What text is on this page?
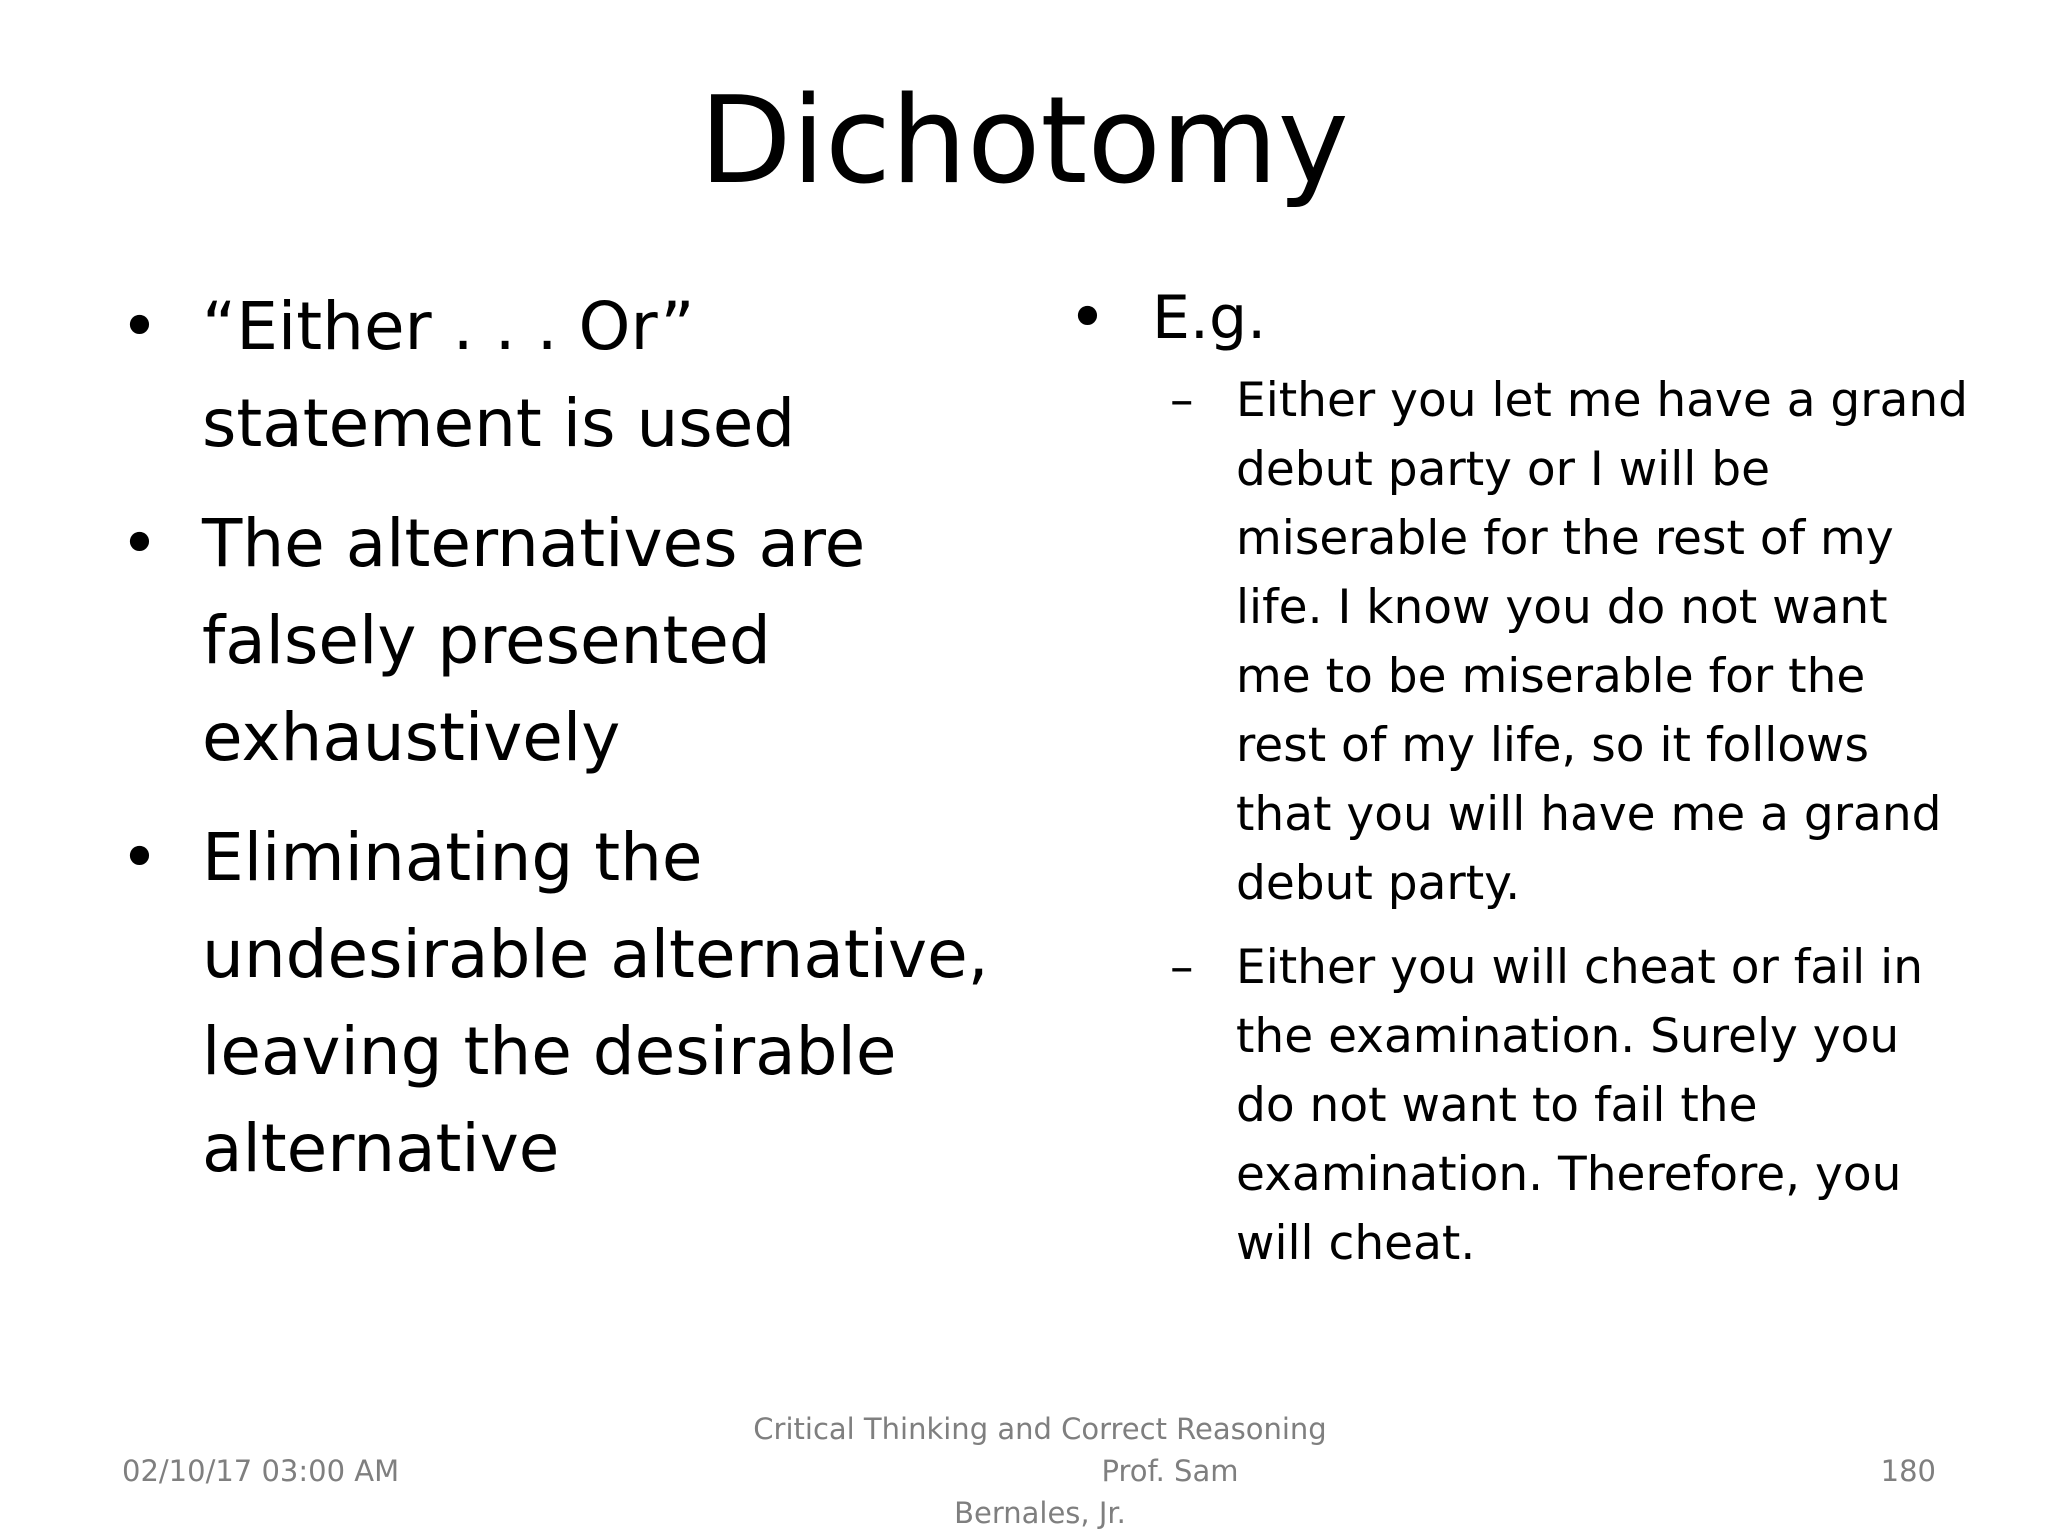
Dichotomy
• “Either . . . Or” statement is used
• The alternatives are falsely presented exhaustively
• Eliminating the undesirable alternative, leaving the desirable alternative
• E.g.
– Either you let me have a grand debut party or I will be miserable for the rest of my life. I know you do not want me to be miserable for the rest of my life, so it follows that you will have me a grand debut party.
– Either you will cheat or fail in the examination. Surely you do not want to fail the examination. Therefore, you will cheat.
02/10/17 03:00 AM
Critical Thinking and Correct Reasoning
Prof. Sam
Bernales, Jr.
180
